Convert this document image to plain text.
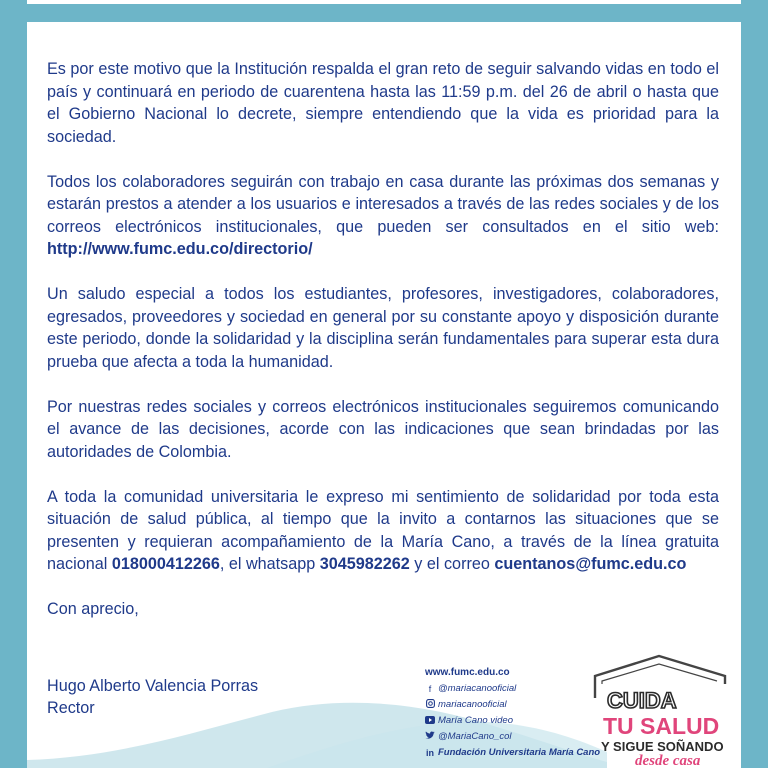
Es por este motivo que la Institución respalda el gran reto de seguir salvando vidas en todo el país y continuará en periodo de cuarentena hasta las 11:59 p.m. del 26 de abril o hasta que el Gobierno Nacional lo decrete, siempre entendiendo que la vida es prioridad para la sociedad.

Todos los colaboradores seguirán con trabajo en casa durante las próximas dos semanas y estarán prestos a atender a los usuarios e interesados a través de las redes sociales y de los correos electrónicos institucionales, que pueden ser consultados en el sitio web: http://www.fumc.edu.co/directorio/

Un saludo especial a todos los estudiantes, profesores, investigadores, colaboradores, egresados, proveedores y sociedad en general por su constante apoyo y disposición durante este periodo, donde la solidaridad y la disciplina serán fundamentales para superar esta dura prueba que afecta a toda la humanidad.

Por nuestras redes sociales y correos electrónicos institucionales seguiremos comunicando el avance de las decisiones, acorde con las indicaciones que sean brindadas por las autoridades de Colombia.

A toda la comunidad universitaria le expreso mi sentimiento de solidaridad por toda esta situación de salud pública, al tiempo que la invito a contarnos las situaciones que se presenten y requieran acompañamiento de la María Cano, a través de la línea gratuita nacional 018000412266, el whatsapp 3045982262 y el correo cuentanos@fumc.edu.co

Con aprecio,

Hugo Alberto Valencia Porras
Rector
www.fumc.edu.co
f @mariacanooficial
mariacanooficial
María Cano video
@MariaCano_col
in Fundación Universitaria María Cano
CUIDA
TU SALUD
Y SIGUE SOÑANDO
desde casa
